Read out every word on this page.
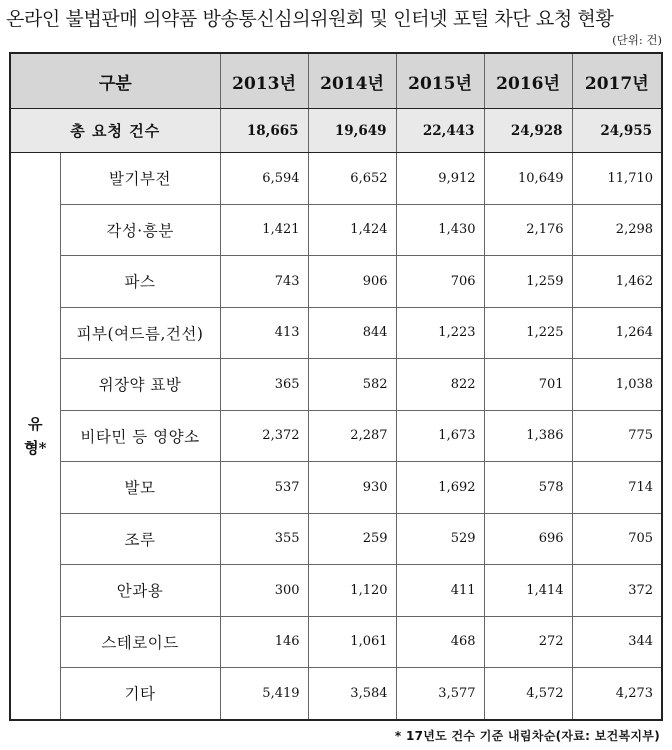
온라인 불법판매 의약품 방송통신심의위원회 및 인터넷 포털 차단 요청 현황
(단위: 건)
구분		2013년	2014년	2015년	2016년	2017년
총 요청 건수		18,665	19,649	22,443	24,928	24,955

유
형*	발기부전	6,594	6,652	9,912	10,649	11,710
	각성·흥분	1,421	1,424	1,430	2,176	2,298
	파스	743	906	706	1,259	1,462
	피부(여드름,건선)	413	844	1,223	1,225	1,264
	위장약 표방	365	582	822	701	1,038
	비타민 등 영양소	2,372	2,287	1,673	1,386	775
	발모	537	930	1,692	578	714
	조루	355	259	529	696	705
	안과용	300	1,120	411	1,414	372
	스테로이드	146	1,061	468	272	344
	기타	5,419	3,584	3,577	4,572	4,273
* 17년도 건수 기준 내림차순(자료: 보건복지부)
